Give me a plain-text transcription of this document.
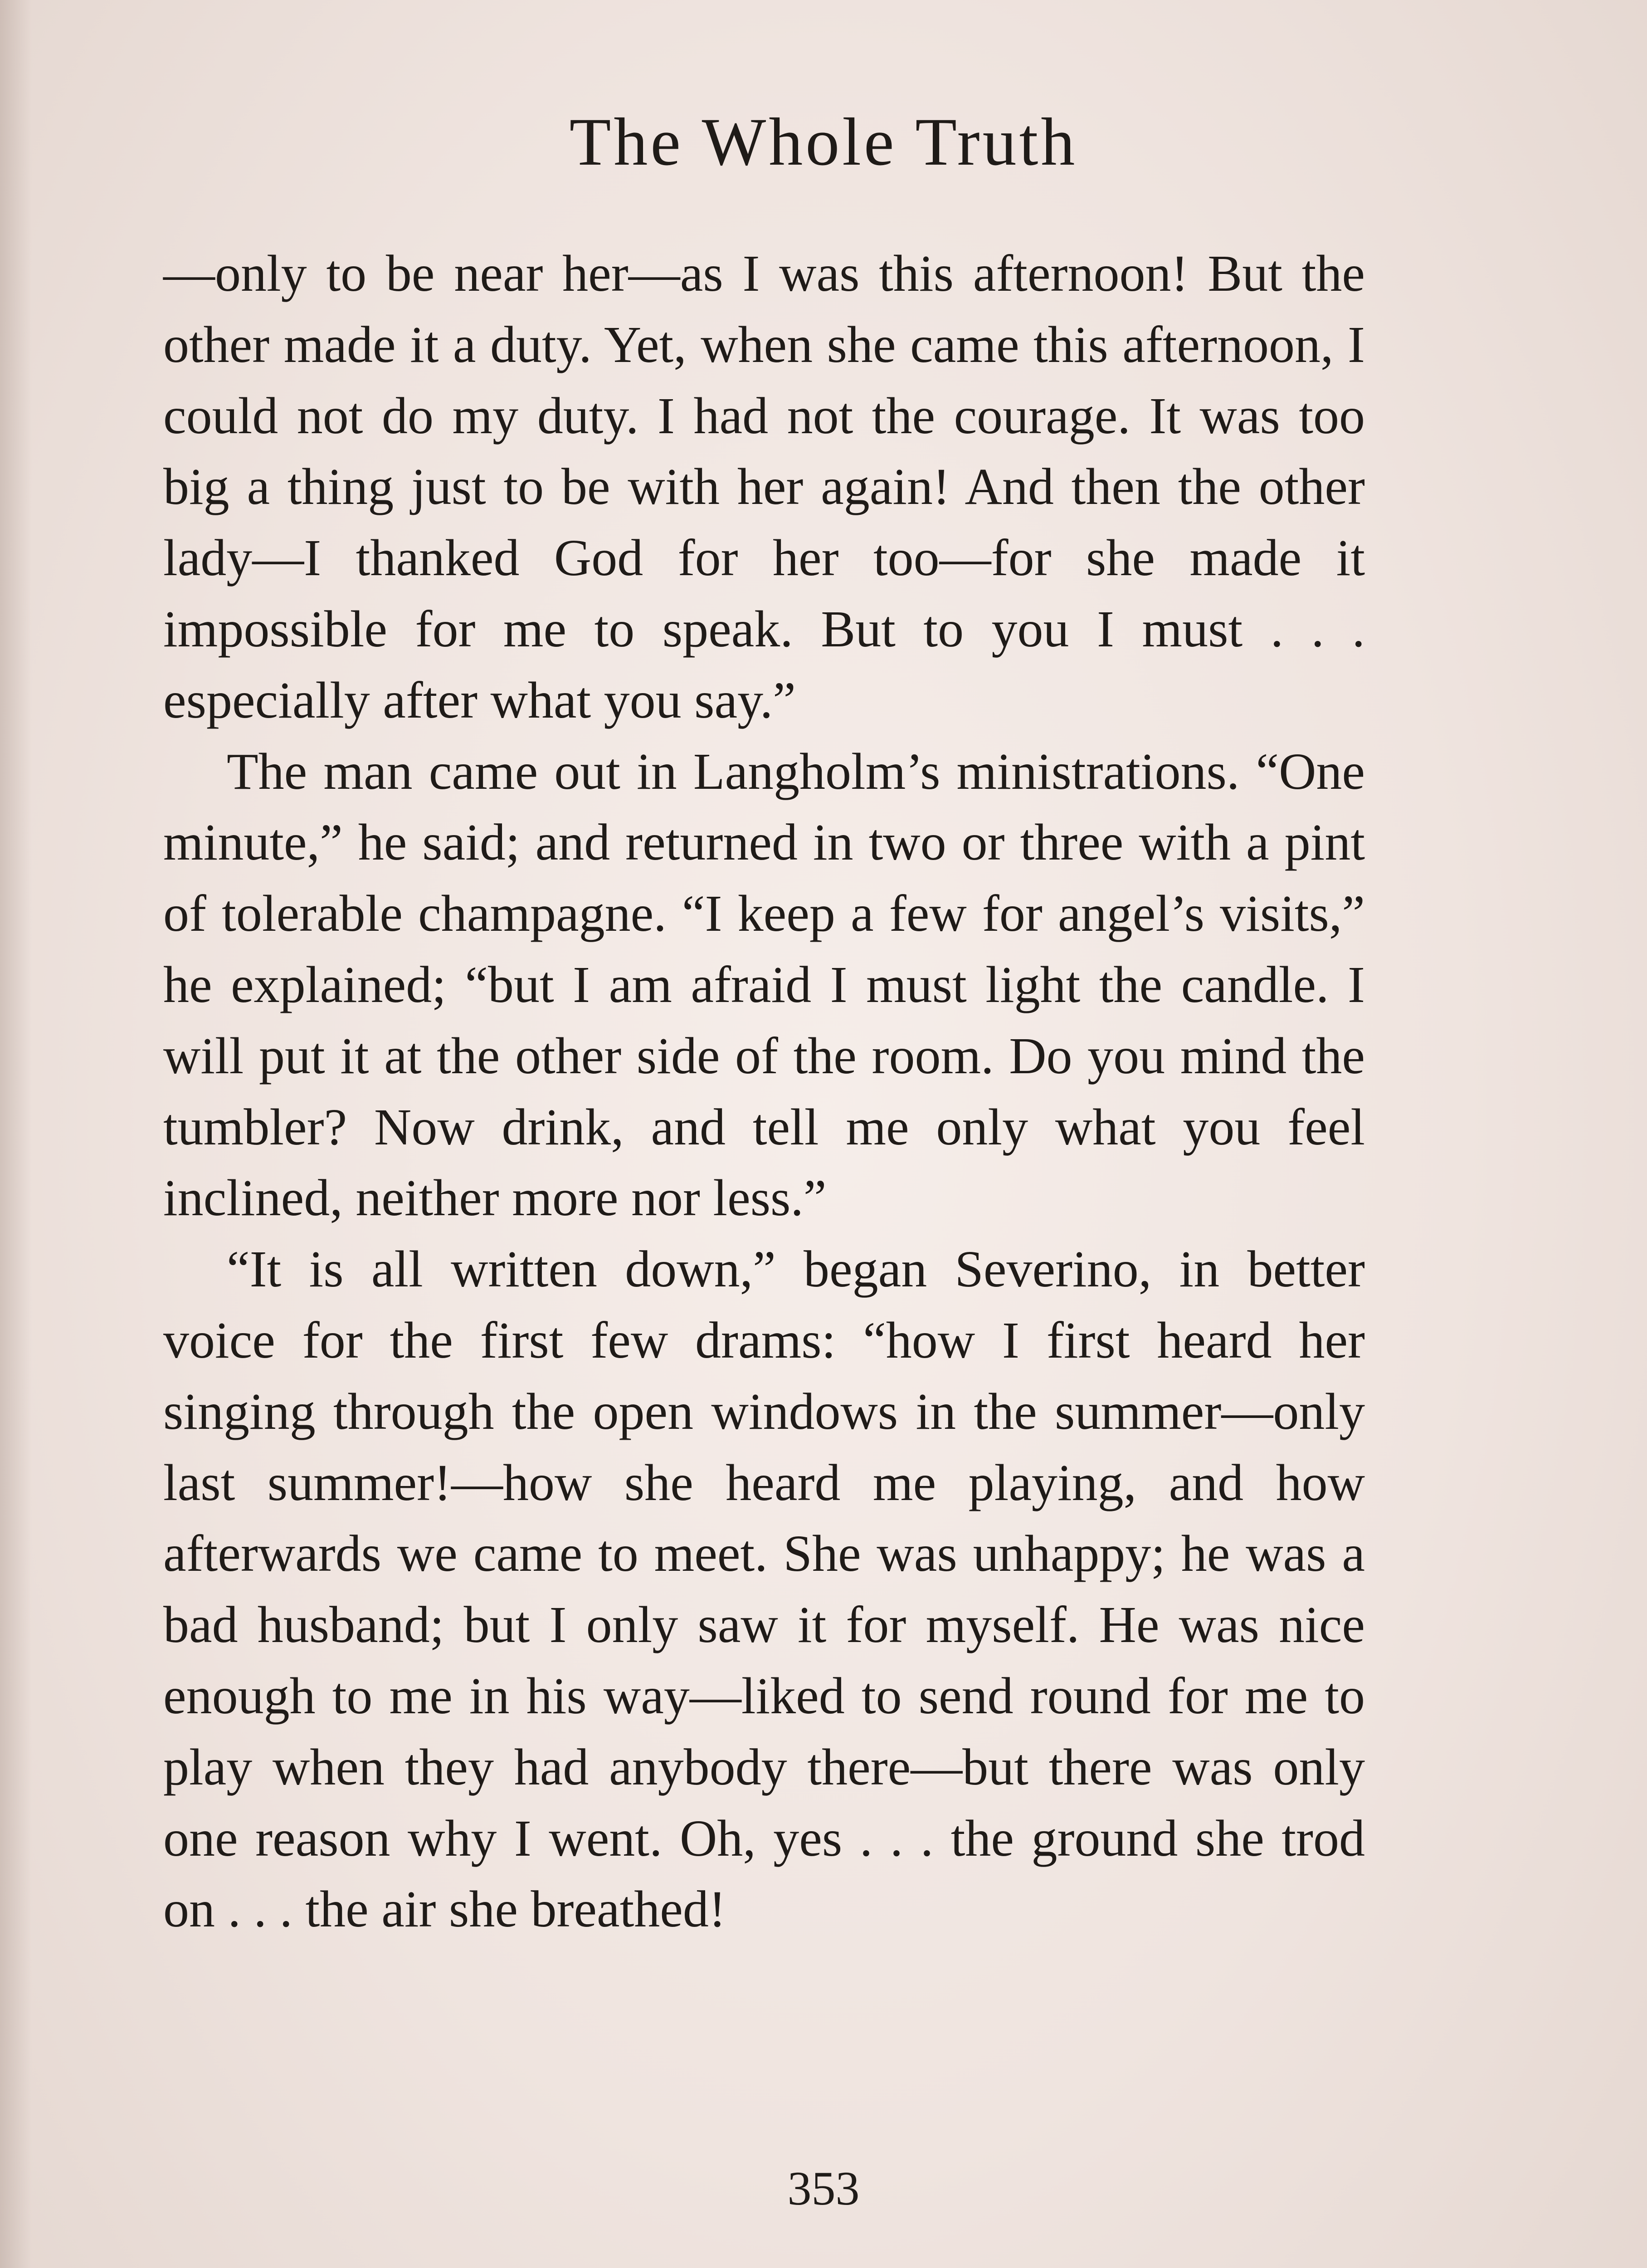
The Whole Truth

—only to be near her—as I was this afternoon! But the other made it a duty. Yet, when she came this afternoon, I could not do my duty. I had not the courage. It was too big a thing just to be with her again! And then the other lady—I thanked God for her too—for she made it impossible for me to speak. But to you I must . . . especially after what you say.”

The man came out in Langholm’s ministrations. “One minute,” he said; and returned in two or three with a pint of tolerable champagne. “I keep a few for angel’s visits,” he explained; “but I am afraid I must light the candle. I will put it at the other side of the room. Do you mind the tumbler? Now drink, and tell me only what you feel inclined, neither more nor less.”

“It is all written down,” began Severino, in better voice for the first few drams: “how I first heard her singing through the open windows in the summer—only last summer!—how she heard me playing, and how afterwards we came to meet. She was unhappy; he was a bad husband; but I only saw it for myself. He was nice enough to me in his way—liked to send round for me to play when they had anybody there—but there was only one reason why I went. Oh, yes . . . the ground she trod on . . . the air she breathed!

353
